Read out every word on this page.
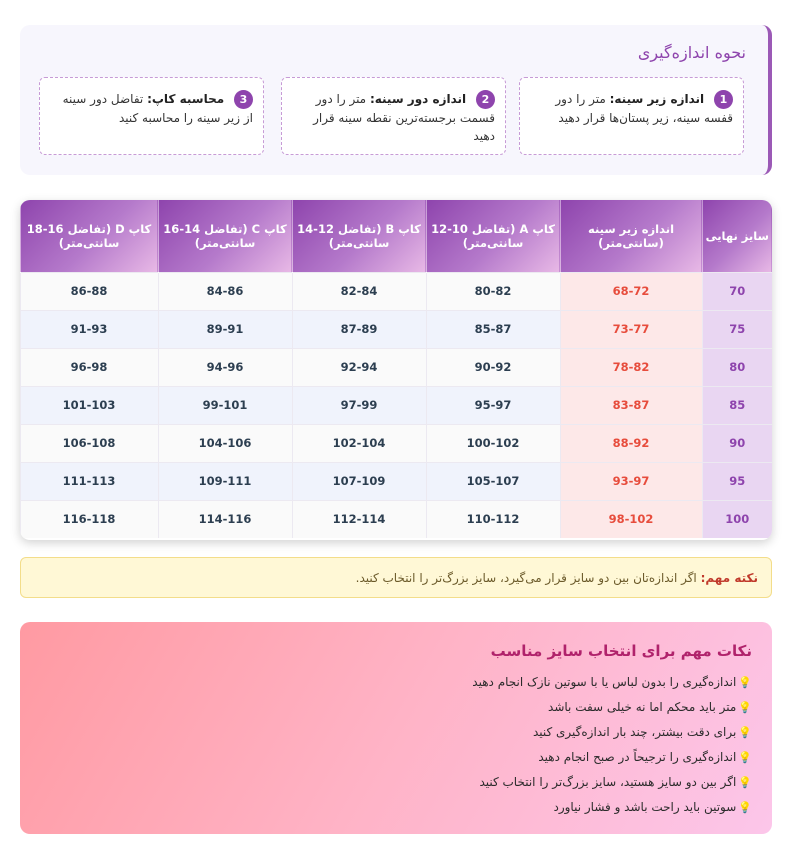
نحوه اندازه‌گیری
1 اندازه زیر سینه: متر را دور قفسه سینه، زیر پستان‌ها قرار دهید
2 اندازه دور سینه: متر را دور قسمت برجسته‌ترین نقطه سینه قرار دهید
3 محاسبه کاپ: تفاضل دور سینه از زیر سینه را محاسبه کنید
سایز نهایی	اندازه زیر سینه (سانتی‌متر)	کاپ A (تفاضل 10-12 سانتی‌متر)	کاپ B (تفاضل 12-14 سانتی‌متر)	کاپ C (تفاضل 14-16 سانتی‌متر)	کاپ D (تفاضل 16-18 سانتی‌متر)
70	68-72	80-82	82-84	84-86	86-88
75	73-77	85-87	87-89	89-91	91-93
80	78-82	90-92	92-94	94-96	96-98
85	83-87	95-97	97-99	99-101	101-103
90	88-92	100-102	102-104	104-106	106-108
95	93-97	105-107	107-109	109-111	111-113
100	98-102	110-112	112-114	114-116	116-118
نکته مهم: اگر اندازه‌تان بین دو سایز قرار می‌گیرد، سایز بزرگ‌تر را انتخاب کنید.
نکات مهم برای انتخاب سایز مناسب
💡اندازه‌گیری را بدون لباس یا با سوتین نازک انجام دهید
💡متر باید محکم اما نه خیلی سفت باشد
💡برای دقت بیشتر، چند بار اندازه‌گیری کنید
💡اندازه‌گیری را ترجیحاً در صبح انجام دهید
💡اگر بین دو سایز هستید، سایز بزرگ‌تر را انتخاب کنید
💡سوتین باید راحت باشد و فشار نیاورد
